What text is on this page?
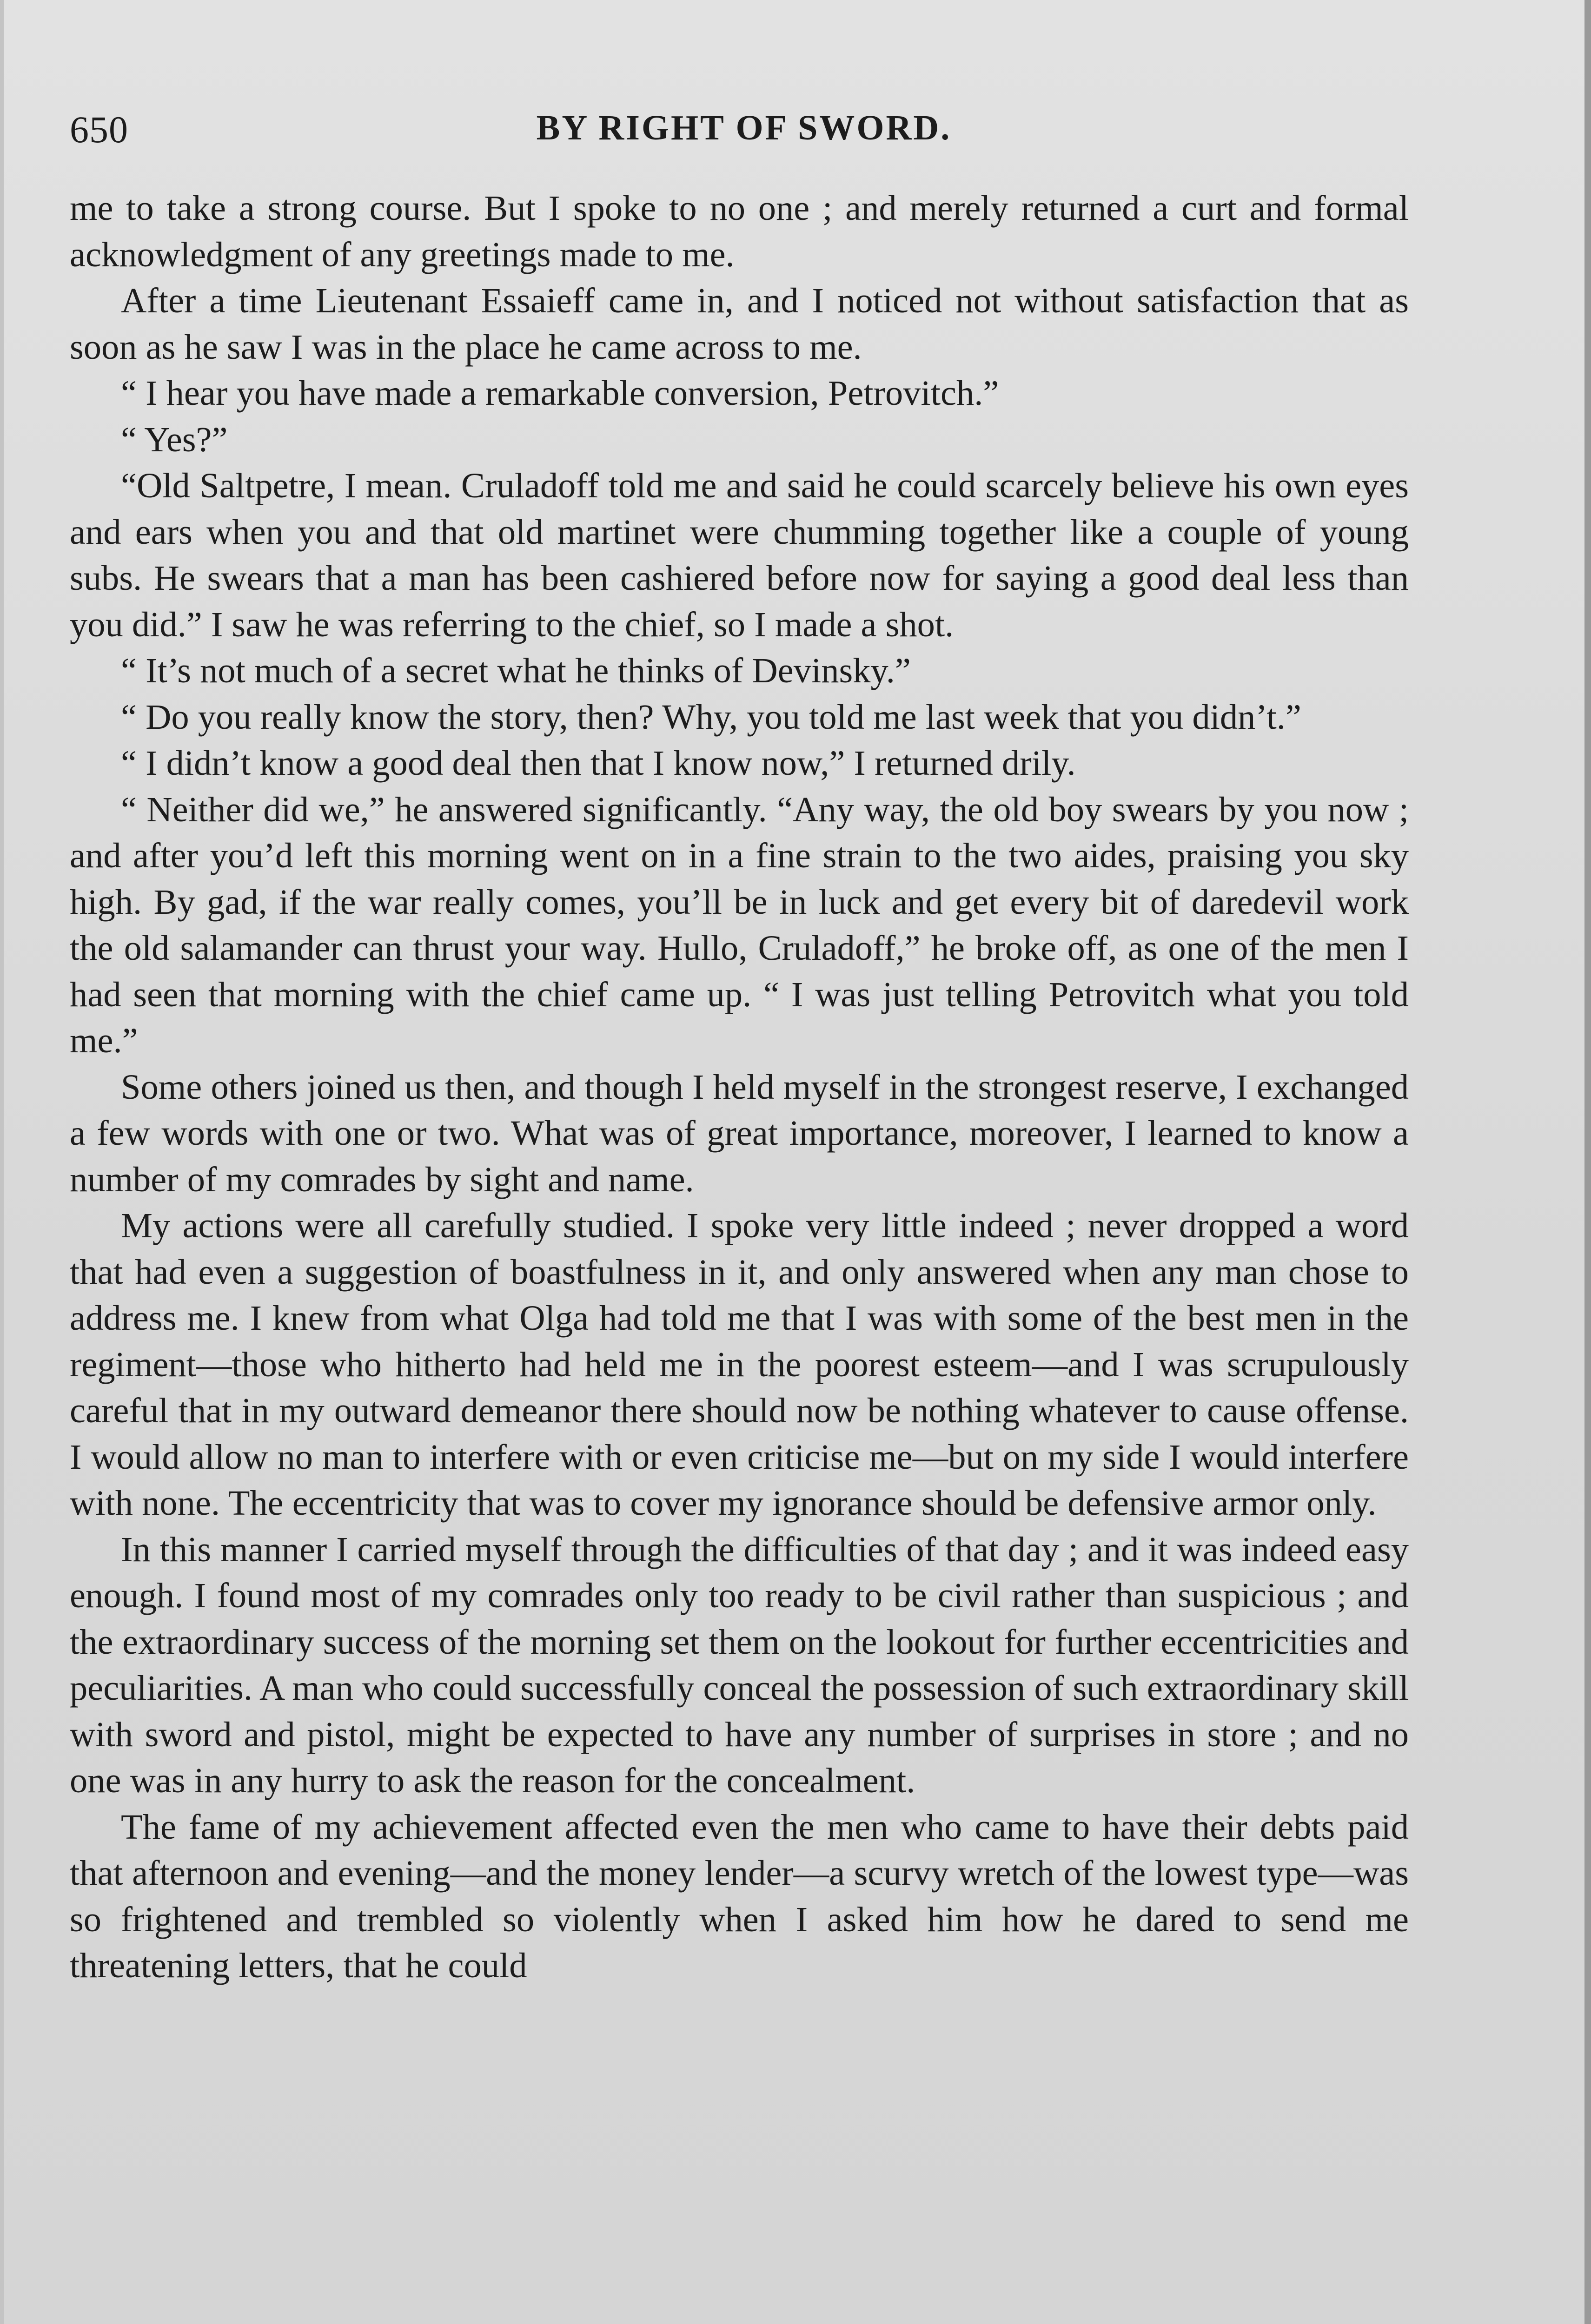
650	BY RIGHT OF SWORD.

me to take a strong course. But I spoke to no one ; and merely returned a curt and formal acknowledgment of any greetings made to me.

After a time Lieutenant Essaieff came in, and I noticed not without satisfaction that as soon as he saw I was in the place he came across to me.

“ I hear you have made a remarkable conversion, Petrovitch.”

“ Yes?”

“Old Saltpetre, I mean. Cruladoff told me and said he could scarcely believe his own eyes and ears when you and that old martinet were chumming together like a couple of young subs. He swears that a man has been cashiered before now for saying a good deal less than you did.” I saw he was referring to the chief, so I made a shot.

“ It’s not much of a secret what he thinks of Devinsky.”

“ Do you really know the story, then? Why, you told me last week that you didn’t.”

“ I didn’t know a good deal then that I know now,” I returned drily.

“ Neither did we,” he answered significantly. “Any way, the old boy swears by you now ; and after you’d left this morning went on in a fine strain to the two aides, praising you sky high. By gad, if the war really comes, you’ll be in luck and get every bit of daredevil work the old salamander can thrust your way. Hullo, Cruladoff,” he broke off, as one of the men I had seen that morning with the chief came up. “ I was just telling Petrovitch what you told me.”

Some others joined us then, and though I held myself in the strongest reserve, I exchanged a few words with one or two. What was of great importance, moreover, I learned to know a number of my comrades by sight and name.

My actions were all carefully studied. I spoke very little indeed ; never dropped a word that had even a suggestion of boastfulness in it, and only answered when any man chose to address me. I knew from what Olga had told me that I was with some of the best men in the regiment—those who hitherto had held me in the poorest esteem—and I was scrupulously careful that in my outward demeanor there should now be nothing whatever to cause offense. I would allow no man to interfere with or even criticise me—but on my side I would interfere with none. The eccentricity that was to cover my ignorance should be defensive armor only.

In this manner I carried myself through the difficulties of that day ; and it was indeed easy enough. I found most of my comrades only too ready to be civil rather than suspicious ; and the extraordinary success of the morning set them on the lookout for further eccentricities and peculiarities. A man who could successfully conceal the possession of such extraordinary skill with sword and pistol, might be expected to have any number of surprises in store ; and no one was in any hurry to ask the reason for the concealment.

The fame of my achievement affected even the men who came to have their debts paid that afternoon and evening—and the money lender—a scurvy wretch of the lowest type—was so frightened and trembled so violently when I asked him how he dared to send me threatening letters, that he could
